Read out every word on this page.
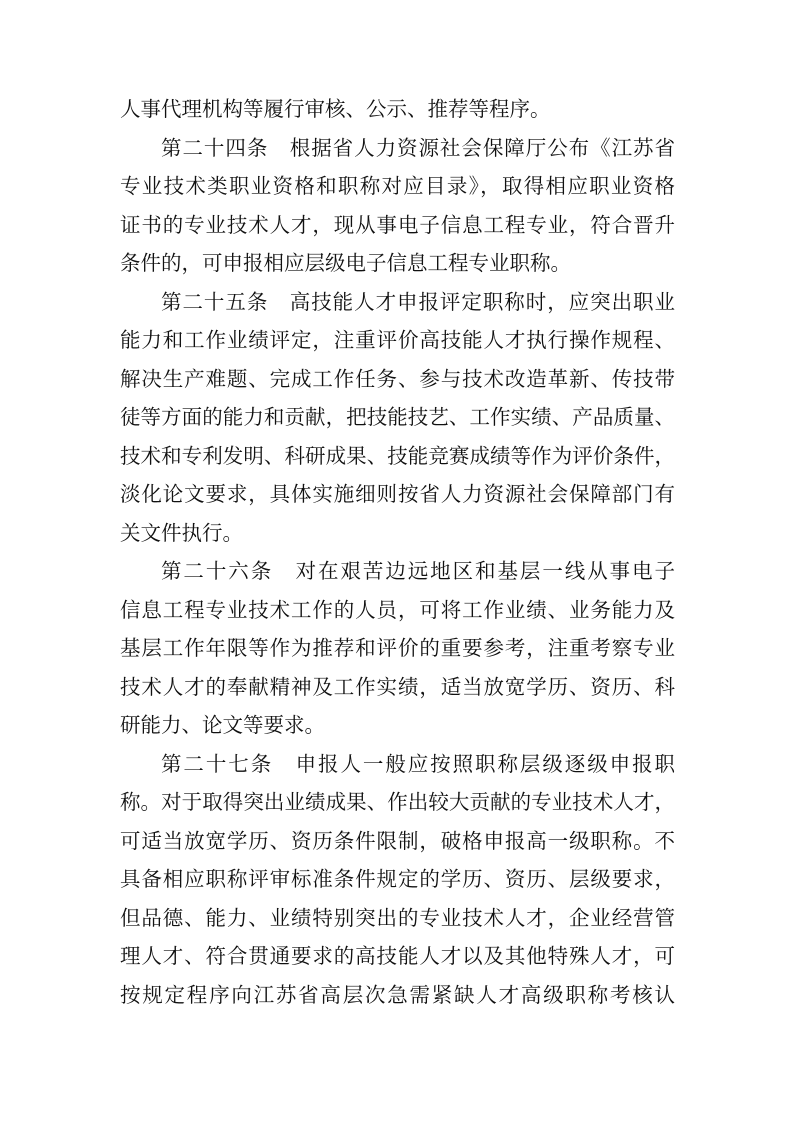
人事代理机构等履行审核、公示、推荐等程序。
第二十四条　根据省人力资源社会保障厅公布《江苏省
专业技术类职业资格和职称对应目录》，取得相应职业资格
证书的专业技术人才，现从事电子信息工程专业，符合晋升
条件的，可申报相应层级电子信息工程专业职称。
第二十五条　高技能人才申报评定职称时，应突出职业
能力和工作业绩评定，注重评价高技能人才执行操作规程、
解决生产难题、完成工作任务、参与技术改造革新、传技带
徒等方面的能力和贡献，把技能技艺、工作实绩、产品质量、
技术和专利发明、科研成果、技能竞赛成绩等作为评价条件，
淡化论文要求，具体实施细则按省人力资源社会保障部门有
关文件执行。
第二十六条　对在艰苦边远地区和基层一线从事电子
信息工程专业技术工作的人员，可将工作业绩、业务能力及
基层工作年限等作为推荐和评价的重要参考，注重考察专业
技术人才的奉献精神及工作实绩，适当放宽学历、资历、科
研能力、论文等要求。
第二十七条　申报人一般应按照职称层级逐级申报职
称。对于取得突出业绩成果、作出较大贡献的专业技术人才，
可适当放宽学历、资历条件限制，破格申报高一级职称。不
具备相应职称评审标准条件规定的学历、资历、层级要求，
但品德、能力、业绩特别突出的专业技术人才，企业经营管
理人才、符合贯通要求的高技能人才以及其他特殊人才，可
按规定程序向江苏省高层次急需紧缺人才高级职称考核认
